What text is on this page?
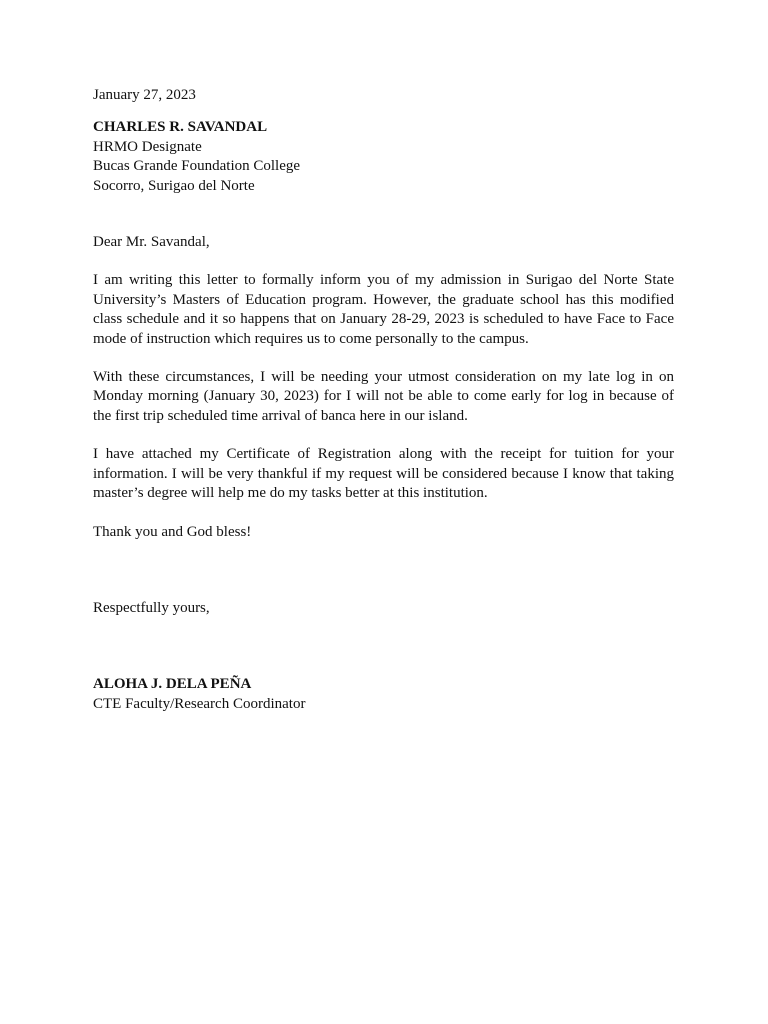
January 27, 2023
CHARLES R. SAVANDAL
HRMO Designate
Bucas Grande Foundation College
Socorro, Surigao del Norte
Dear Mr. Savandal,

I am writing this letter to formally inform you of my admission in Surigao del Norte State University’s Masters of Education program. However, the graduate school has this modified class schedule and it so happens that on January 28-29, 2023 is scheduled to have Face to Face mode of instruction which requires us to come personally to the campus.

With these circumstances, I will be needing your utmost consideration on my late log in on Monday morning (January 30, 2023) for I will not be able to come early for log in because of the first trip scheduled time arrival of banca here in our island.

I have attached my Certificate of Registration along with the receipt for tuition for your information. I will be very thankful if my request will be considered because I know that taking master’s degree will help me do my tasks better at this institution.

Thank you and God bless!
Respectfully yours,
ALOHA J. DELA PEÑA
CTE Faculty/Research Coordinator
